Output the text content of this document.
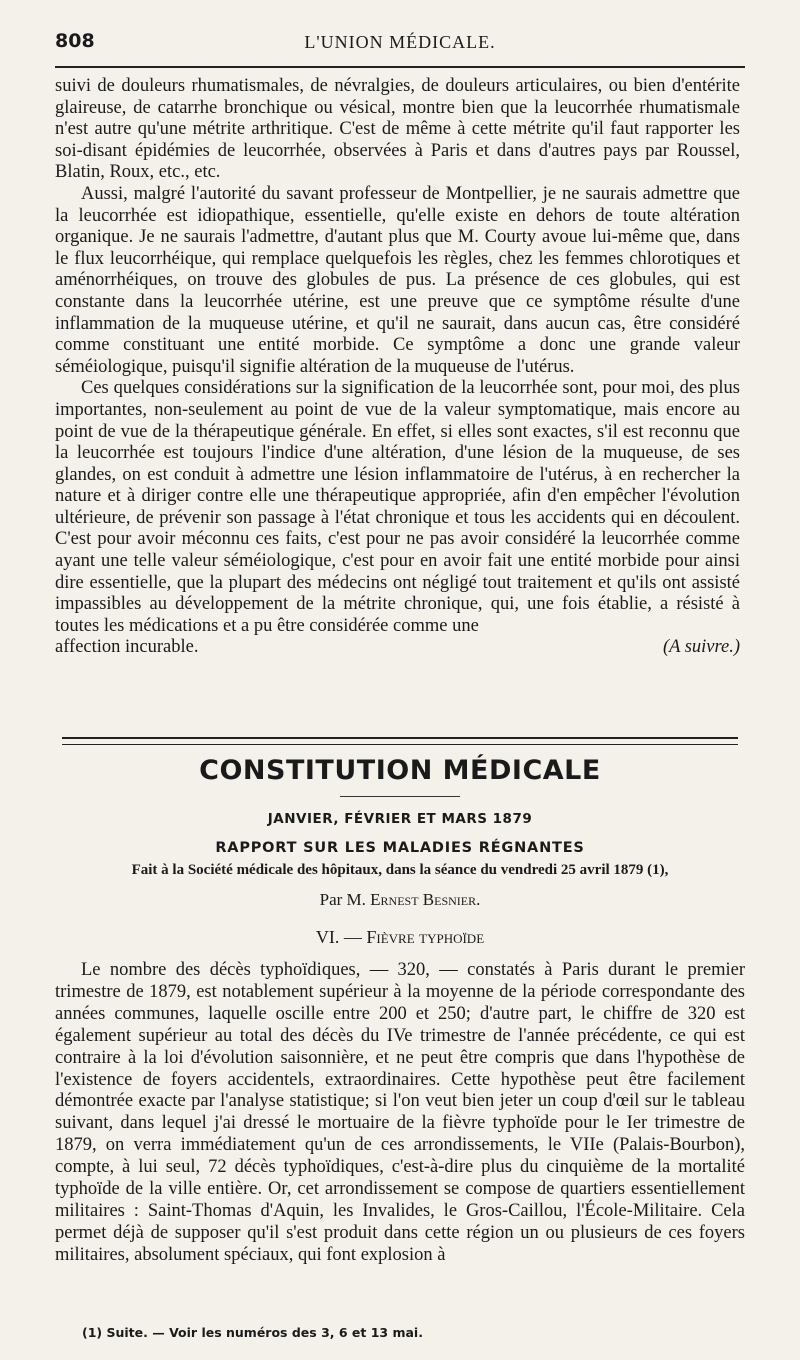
808	L'UNION MÉDICALE.

suivi de douleurs rhumatismales, de névralgies, de douleurs articulaires, ou bien d'entérite glaireuse, de catarrhe bronchique ou vésical, montre bien que la leucorrhée rhumatismale n'est autre qu'une métrite arthritique. C'est de même à cette métrite qu'il faut rapporter les soi-disant épidémies de leucorrhée, observées à Paris et dans d'autres pays par Roussel, Blatin, Roux, etc., etc.

Aussi, malgré l'autorité du savant professeur de Montpellier, je ne saurais admettre que la leucorrhée est idiopathique, essentielle, qu'elle existe en dehors de toute altération organique. Je ne saurais l'admettre, d'autant plus que M. Courty avoue lui-même que, dans le flux leucorrhéique, qui remplace quelquefois les règles, chez les femmes chlorotiques et aménorrhéiques, on trouve des globules de pus. La présence de ces globules, qui est constante dans la leucorrhée utérine, est une preuve que ce symptôme résulte d'une inflammation de la muqueuse utérine, et qu'il ne saurait, dans aucun cas, être considéré comme constituant une entité morbide. Ce symptôme a donc une grande valeur séméiologique, puisqu'il signifie altération de la muqueuse de l'utérus.

Ces quelques considérations sur la signification de la leucorrhée sont, pour moi, des plus importantes, non-seulement au point de vue de la valeur symptomatique, mais encore au point de vue de la thérapeutique générale. En effet, si elles sont exactes, s'il est reconnu que la leucorrhée est toujours l'indice d'une altération, d'une lésion de la muqueuse, de ses glandes, on est conduit à admettre une lésion inflammatoire de l'utérus, à en rechercher la nature et à diriger contre elle une thérapeutique appropriée, afin d'en empêcher l'évolution ultérieure, de prévenir son passage à l'état chronique et tous les accidents qui en découlent. C'est pour avoir méconnu ces faits, c'est pour ne pas avoir considéré la leucorrhée comme ayant une telle valeur séméiologique, c'est pour en avoir fait une entité morbide pour ainsi dire essentielle, que la plupart des médecins ont négligé tout traitement et qu'ils ont assisté impassibles au développement de la métrite chronique, qui, une fois établie, a résisté à toutes les médications et a pu être considérée comme une

affection incurable.	(A suivre.)

CONSTITUTION MÉDICALE
JANVIER, FÉVRIER ET MARS 1879
RAPPORT SUR LES MALADIES RÉGNANTES
Fait à la Société médicale des hôpitaux, dans la séance du vendredi 25 avril 1879 (1),
Par M. Ernest Besnier.
VI. — Fièvre typhoïde

Le nombre des décès typhoïdiques, — 320, — constatés à Paris durant le premier trimestre de 1879, est notablement supérieur à la moyenne de la période correspondante des années communes, laquelle oscille entre 200 et 250; d'autre part, le chiffre de 320 est également supérieur au total des décès du IVe trimestre de l'année précédente, ce qui est contraire à la loi d'évolution saisonnière, et ne peut être compris que dans l'hypothèse de l'existence de foyers accidentels, extraordinaires. Cette hypothèse peut être facilement démontrée exacte par l'analyse statistique; si l'on veut bien jeter un coup d'œil sur le tableau suivant, dans lequel j'ai dressé le mortuaire de la fièvre typhoïde pour le Ier trimestre de 1879, on verra immédiatement qu'un de ces arrondissements, le VIIe (Palais-Bourbon), compte, à lui seul, 72 décès typhoïdiques, c'est-à-dire plus du cinquième de la mortalité typhoïde de la ville entière. Or, cet arrondissement se compose de quartiers essentiellement militaires : Saint-Thomas d'Aquin, les Invalides, le Gros-Caillou, l'École-Militaire. Cela permet déjà de supposer qu'il s'est produit dans cette région un ou plusieurs de ces foyers militaires, absolument spéciaux, qui font explosion à

(1) Suite. — Voir les numéros des 3, 6 et 13 mai.
